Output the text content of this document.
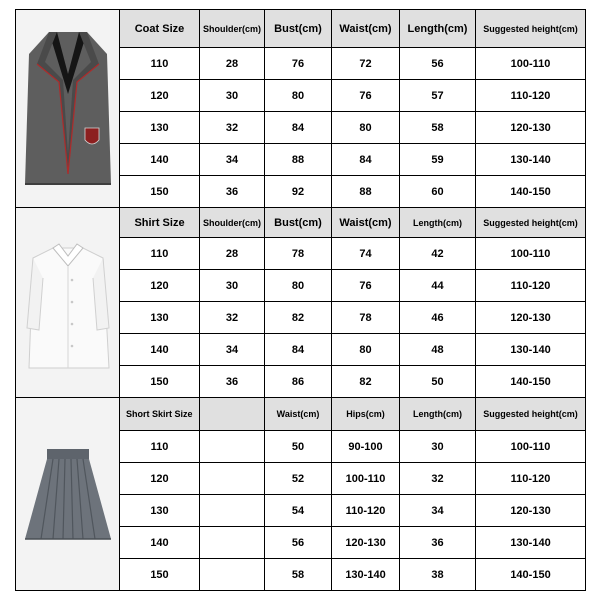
	Coat Size	Shoulder(cm)	Bust(cm)	Waist(cm)	Length(cm)	Suggested height(cm)
	110	28	76	72	56	100-110
	120	30	80	76	57	110-120
	130	32	84	80	58	120-130
	140	34	88	84	59	130-140
	150	36	92	88	60	140-150

	Shirt Size	Shoulder(cm)	Bust(cm)	Waist(cm)	Length(cm)	Suggested height(cm)
	110	28	78	74	42	100-110
	120	30	80	76	44	110-120
	130	32	82	78	46	120-130
	140	34	84	80	48	130-140
	150	36	86	82	50	140-150

	Short Skirt Size		Waist(cm)	Hips(cm)	Length(cm)	Suggested height(cm)
	110		50	90-100	30	100-110
	120		52	100-110	32	110-120
	130		54	110-120	34	120-130
	140		56	120-130	36	130-140
	150		58	130-140	38	140-150
